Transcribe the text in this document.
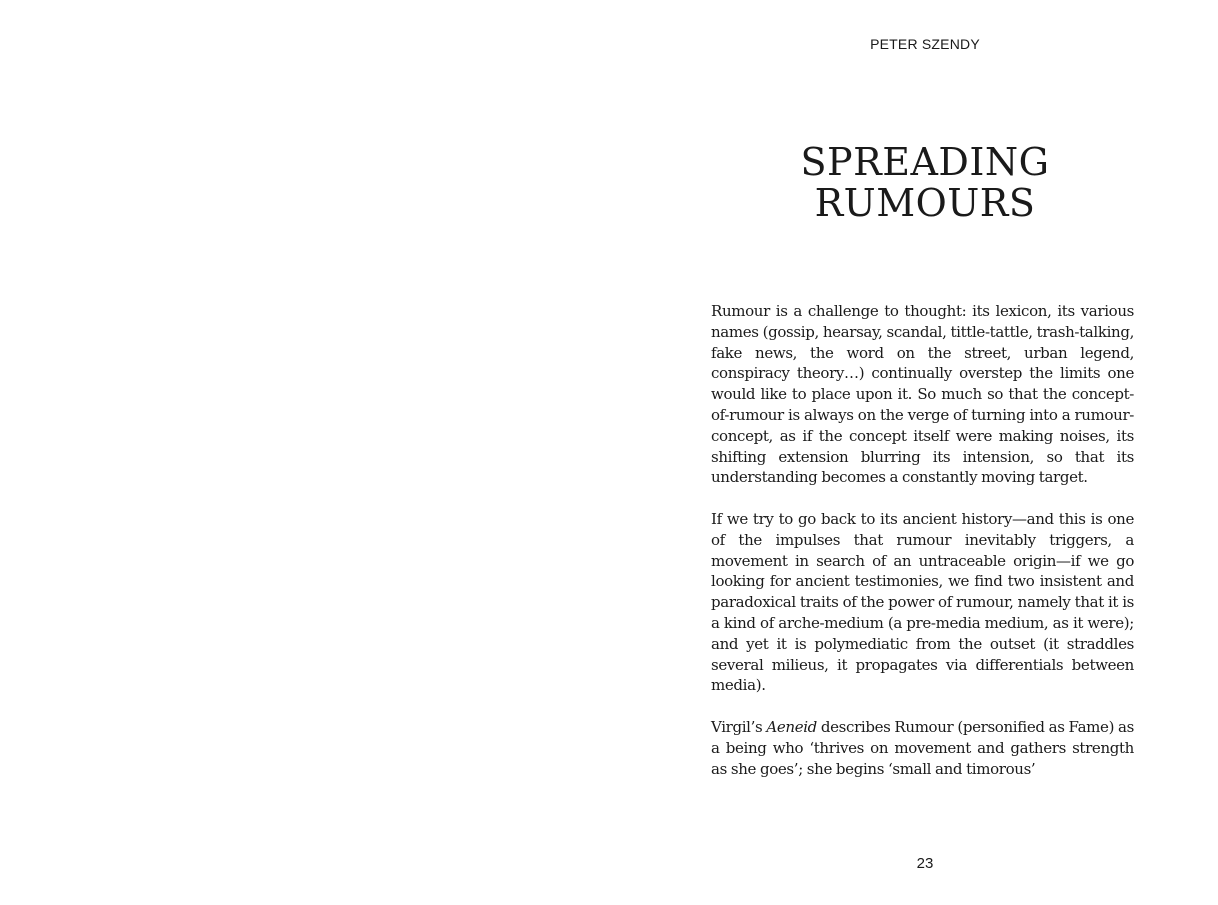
PETER SZENDY
SPREADING
RUMOURS

Rumour is a challenge to thought: its lexicon, its various names (gossip, hearsay, scandal, tittle-tattle, trash-talking, fake news, the word on the street, urban legend, conspiracy theory…) continually overstep the limits one would like to place upon it. So much so that the concept-of-rumour is always on the verge of turning into a rumour-concept, as if the concept itself were making noises, its shifting extension blurring its intension, so that its understanding becomes a constantly moving target.

If we try to go back to its ancient history—and this is one of the impulses that rumour inevitably triggers, a movement in search of an untraceable origin—if we go looking for ancient testimonies, we find two insistent and paradoxical traits of the power of rumour, namely that it is a kind of arche-medium (a pre-media medium, as it were); and yet it is polymediatic from the outset (it straddles several milieus, it propagates via differentials between media).

Virgil’s Aeneid describes Rumour (personified as Fame) as a being who ‘thrives on movement and gathers strength as she goes’; she begins ‘small and timorous’

23
